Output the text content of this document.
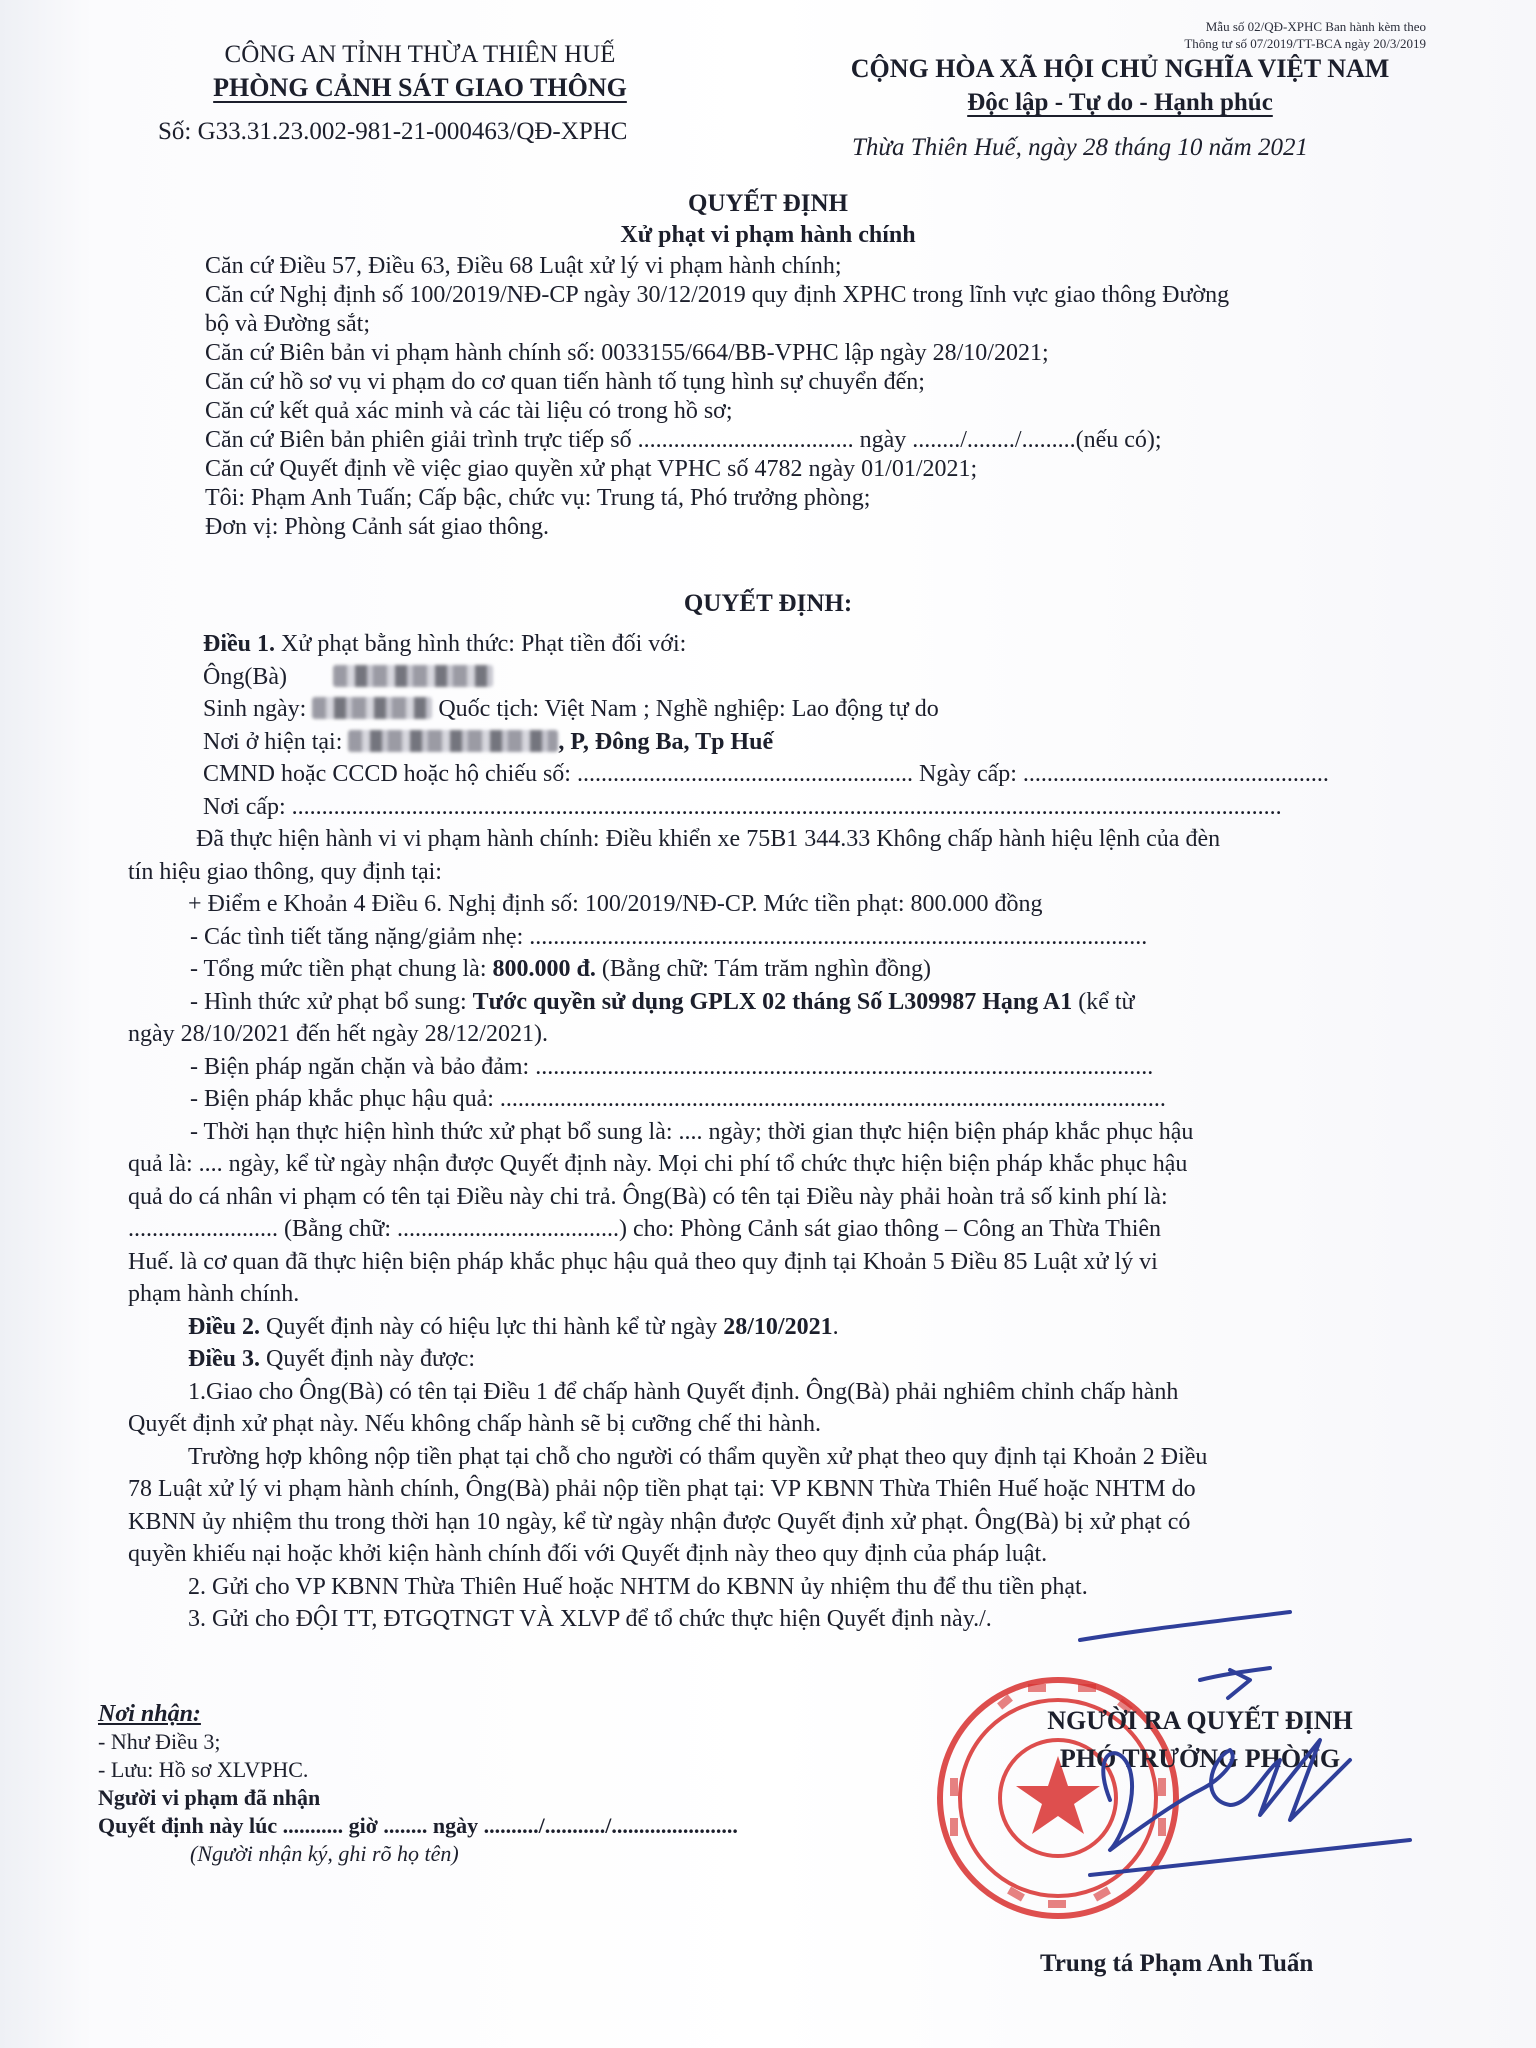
Mẫu số 02/QĐ-XPHC Ban hành kèm theo
Thông tư số 07/2019/TT-BCA ngày 20/3/2019
CÔNG AN TỈNH THỪA THIÊN HUẾ
PHÒNG CẢNH SÁT GIAO THÔNG
Số: G33.31.23.002-981-21-000463/QĐ-XPHC
CỘNG HÒA XÃ HỘI CHỦ NGHĨA VIỆT NAM
Độc lập - Tự do - Hạnh phúc
Thừa Thiên Huế, ngày 28 tháng 10 năm 2021
QUYẾT ĐỊNH
Xử phạt vi phạm hành chính
Căn cứ Điều 57, Điều 63, Điều 68 Luật xử lý vi phạm hành chính;
Căn cứ Nghị định số 100/2019/NĐ-CP ngày 30/12/2019 quy định XPHC trong lĩnh vực giao thông Đường
bộ và Đường sắt;
Căn cứ Biên bản vi phạm hành chính số: 0033155/664/BB-VPHC lập ngày 28/10/2021;
Căn cứ hồ sơ vụ vi phạm do cơ quan tiến hành tố tụng hình sự chuyển đến;
Căn cứ kết quả xác minh và các tài liệu có trong hồ sơ;
Căn cứ Biên bản phiên giải trình trực tiếp số .................................... ngày ......../......../.........(nếu có);
Căn cứ Quyết định về việc giao quyền xử phạt VPHC số 4782 ngày 01/01/2021;
Tôi: Phạm Anh Tuấn; Cấp bậc, chức vụ: Trung tá, Phó trưởng phòng;
Đơn vị: Phòng Cảnh sát giao thông.
QUYẾT ĐỊNH:
Điều 1. Xử phạt bằng hình thức: Phạt tiền đối với:
Ông(Bà)
Sinh ngày:	Quốc tịch: Việt Nam ; Nghề nghiệp: Lao động tự do
Nơi ở hiện tại:	, P, Đông Ba, Tp Huế
CMND hoặc CCCD hoặc hộ chiếu số: ........................................................ Ngày cấp: ...................................................
Nơi cấp: .....................................................................................................................................................................
Đã thực hiện hành vi vi phạm hành chính: Điều khiển xe 75B1 344.33 Không chấp hành hiệu lệnh của đèn
tín hiệu giao thông, quy định tại:
+ Điểm e Khoản 4 Điều 6. Nghị định số: 100/2019/NĐ-CP. Mức tiền phạt: 800.000 đồng
- Các tình tiết tăng nặng/giảm nhẹ: .......................................................................................................
- Tổng mức tiền phạt chung là: 800.000 đ. (Bằng chữ: Tám trăm nghìn đồng)
- Hình thức xử phạt bổ sung: Tước quyền sử dụng GPLX 02 tháng Số L309987 Hạng A1 (kể từ
ngày 28/10/2021 đến hết ngày 28/12/2021).
- Biện pháp ngăn chặn và bảo đảm: .......................................................................................................
- Biện pháp khắc phục hậu quả: ...............................................................................................................
- Thời hạn thực hiện hình thức xử phạt bổ sung là: .... ngày; thời gian thực hiện biện pháp khắc phục hậu
quả là: .... ngày, kể từ ngày nhận được Quyết định này. Mọi chi phí tổ chức thực hiện biện pháp khắc phục hậu
quả do cá nhân vi phạm có tên tại Điều này chi trả. Ông(Bà) có tên tại Điều này phải hoàn trả số kinh phí là:
......................... (Bằng chữ: .....................................) cho: Phòng Cảnh sát giao thông – Công an Thừa Thiên
Huế. là cơ quan đã thực hiện biện pháp khắc phục hậu quả theo quy định tại Khoản 5 Điều 85 Luật xử lý vi
phạm hành chính.
Điều 2. Quyết định này có hiệu lực thi hành kể từ ngày 28/10/2021.
Điều 3. Quyết định này được:
1.Giao cho Ông(Bà) có tên tại Điều 1 để chấp hành Quyết định. Ông(Bà) phải nghiêm chỉnh chấp hành
Quyết định xử phạt này. Nếu không chấp hành sẽ bị cưỡng chế thi hành.
Trường hợp không nộp tiền phạt tại chỗ cho người có thẩm quyền xử phạt theo quy định tại Khoản 2 Điều
78 Luật xử lý vi phạm hành chính, Ông(Bà) phải nộp tiền phạt tại: VP KBNN Thừa Thiên Huế hoặc NHTM do
KBNN ủy nhiệm thu trong thời hạn 10 ngày, kể từ ngày nhận được Quyết định xử phạt. Ông(Bà) bị xử phạt có
quyền khiếu nại hoặc khởi kiện hành chính đối với Quyết định này theo quy định của pháp luật.
2. Gửi cho VP KBNN Thừa Thiên Huế hoặc NHTM do KBNN ủy nhiệm thu để thu tiền phạt.
3. Gửi cho ĐỘI TT, ĐTGQTNGT VÀ XLVP để tổ chức thực hiện Quyết định này./.
Nơi nhận:
- Như Điều 3;
- Lưu: Hồ sơ XLVPHC.
Người vi phạm đã nhận
Quyết định này lúc ........... giờ ........ ngày ........../.........../.......................
(Người nhận ký, ghi rõ họ tên)
NGƯỜI RA QUYẾT ĐỊNH
PHÓ TRƯỞNG PHÒNG
Trung tá Phạm Anh Tuấn
